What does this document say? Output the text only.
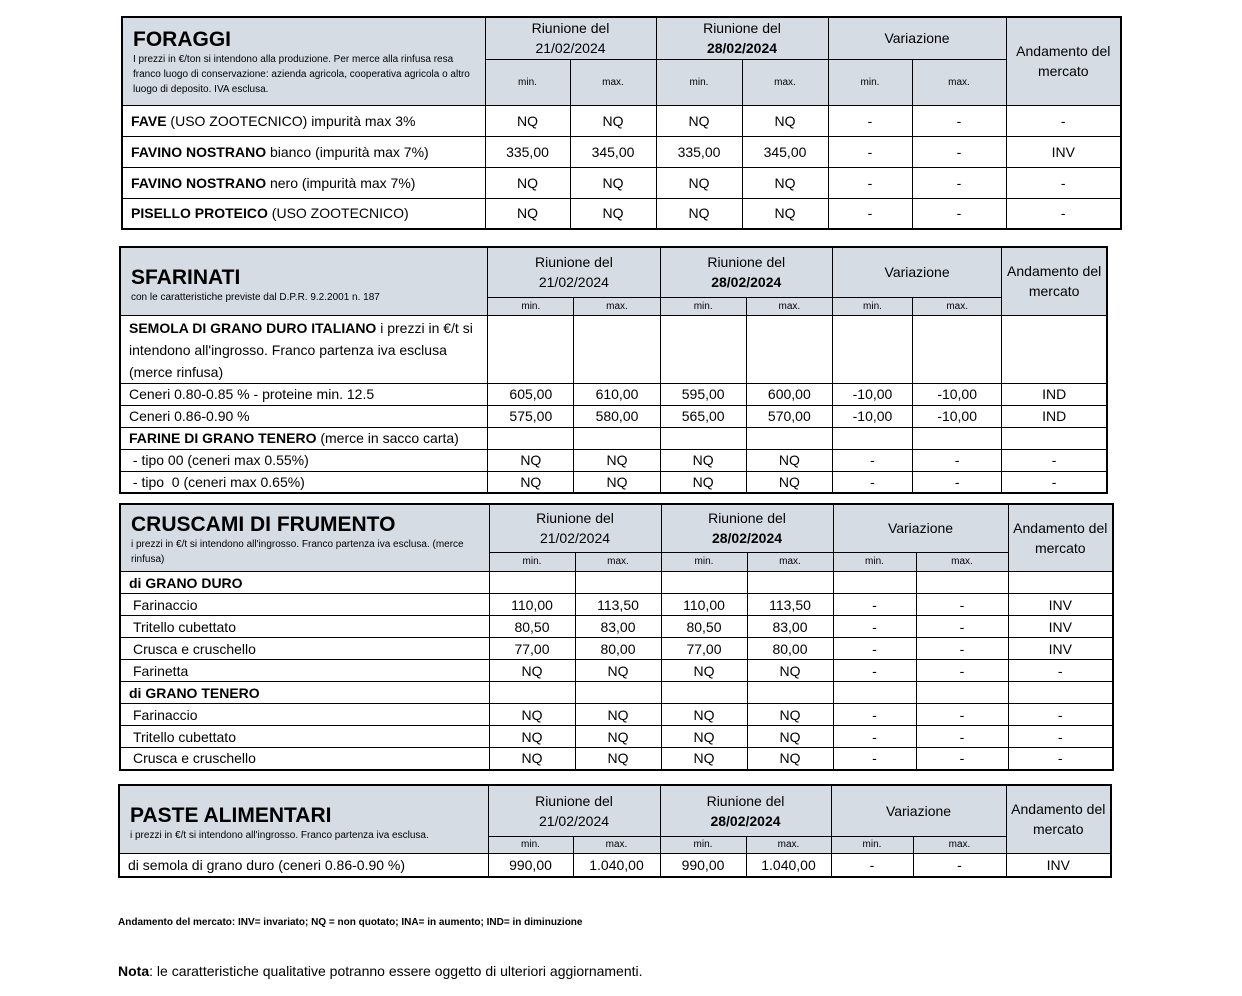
FORAGGI
I prezzi in €/ton si intendono alla produzione. Per merce alla rinfusa resa franco luogo di conservazione: azienda agricola, cooperativa agricola o altro luogo di deposito. IVA esclusa.	Riunione del
21/02/2024		Riunione del
28/02/2024		Variazione		Andamento del mercato
	min.	max.	min.	max.	min.	max.	
FAVE (USO ZOOTECNICO) impurità max 3%	NQ	NQ	NQ	NQ	-	-	-
FAVINO NOSTRANO bianco (impurità max 7%)	335,00	345,00	335,00	345,00	-	-	INV
FAVINO NOSTRANO nero (impurità max 7%)	NQ	NQ	NQ	NQ	-	-	-
PISELLO PROTEICO (USO ZOOTECNICO)	NQ	NQ	NQ	NQ	-	-	-
SFARINATI
con le caratteristiche previste dal D.P.R. 9.2.2001 n. 187	Riunione del
21/02/2024		Riunione del
28/02/2024		Variazione		Andamento del mercato
	min.	max.	min.	max.	min.	max.	
SEMOLA DI GRANO DURO ITALIANO i prezzi in €/t si intendono all'ingrosso. Franco partenza iva esclusa (merce rinfusa)							
Ceneri 0.80-0.85 % - proteine min. 12.5	605,00	610,00	595,00	600,00	-10,00	-10,00	IND
Ceneri 0.86-0.90 %	575,00	580,00	565,00	570,00	-10,00	-10,00	IND
FARINE DI GRANO TENERO (merce in sacco carta)							
- tipo 00 (ceneri max 0.55%)	NQ	NQ	NQ	NQ	-	-	-
- tipo  0 (ceneri max 0.65%)	NQ	NQ	NQ	NQ	-	-	-
CRUSCAMI DI FRUMENTO
i prezzi in €/t si intendono all'ingrosso. Franco partenza iva esclusa. (merce rinfusa)	Riunione del
21/02/2024		Riunione del
28/02/2024		Variazione		Andamento del mercato
	min.	max.	min.	max.	min.	max.	
di GRANO DURO							
Farinaccio	110,00	113,50	110,00	113,50	-	-	INV
Tritello cubettato	80,50	83,00	80,50	83,00	-	-	INV
Crusca e cruschello	77,00	80,00	77,00	80,00	-	-	INV
Farinetta	NQ	NQ	NQ	NQ	-	-	-
di GRANO TENERO							
Farinaccio	NQ	NQ	NQ	NQ	-	-	-
Tritello cubettato	NQ	NQ	NQ	NQ	-	-	-
Crusca e cruschello	NQ	NQ	NQ	NQ	-	-	-
PASTE ALIMENTARI
i prezzi in €/t si intendono all'ingrosso. Franco partenza iva esclusa.	Riunione del
21/02/2024		Riunione del
28/02/2024		Variazione		Andamento del mercato
	min.	max.	min.	max.	min.	max.	
di semola di grano duro (ceneri 0.86-0.90 %)	990,00	1.040,00	990,00	1.040,00	-	-	INV
Andamento del mercato: INV= invariato; NQ = non quotato; INA= in aumento; IND= in diminuzione
Nota: le caratteristiche qualitative potranno essere oggetto di ulteriori aggiornamenti.
